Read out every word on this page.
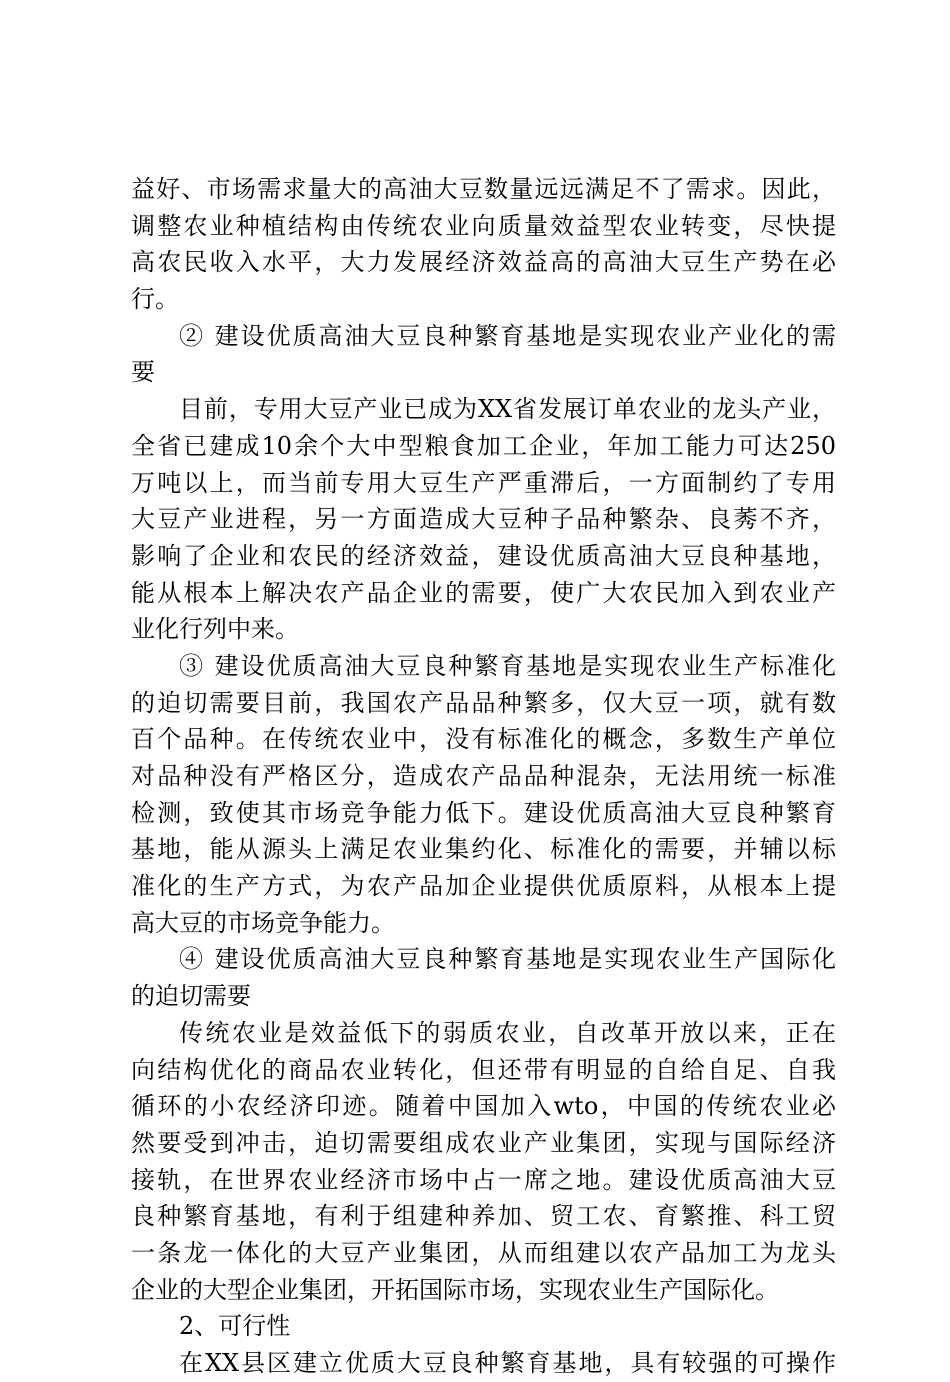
益好、市场需求量大的高油大豆数量远远满足不了需求。因此，
调整农业种植结构由传统农业向质量效益型农业转变，尽快提
高农民收入水平，大力发展经济效益高的高油大豆生产势在必
行。
② 建设优质高油大豆良种繁育基地是实现农业产业化的需
要
目前，专用大豆产业已成为XX省发展订单农业的龙头产业，
全省已建成10余个大中型粮食加工企业，年加工能力可达250
万吨以上，而当前专用大豆生产严重滞后，一方面制约了专用
大豆产业进程，另一方面造成大豆种子品种繁杂、良莠不齐，
影响了企业和农民的经济效益，建设优质高油大豆良种基地，
能从根本上解决农产品企业的需要，使广大农民加入到农业产
业化行列中来。
③ 建设优质高油大豆良种繁育基地是实现农业生产标准化
的迫切需要目前，我国农产品品种繁多，仅大豆一项，就有数
百个品种。在传统农业中，没有标准化的概念，多数生产单位
对品种没有严格区分，造成农产品品种混杂，无法用统一标准
检测，致使其市场竞争能力低下。建设优质高油大豆良种繁育
基地，能从源头上满足农业集约化、标准化的需要，并辅以标
准化的生产方式，为农产品加企业提供优质原料，从根本上提
高大豆的市场竞争能力。
④ 建设优质高油大豆良种繁育基地是实现农业生产国际化
的迫切需要
传统农业是效益低下的弱质农业，自改革开放以来，正在
向结构优化的商品农业转化，但还带有明显的自给自足、自我
循环的小农经济印迹。随着中国加入wto，中国的传统农业必
然要受到冲击，迫切需要组成农业产业集团，实现与国际经济
接轨，在世界农业经济市场中占一席之地。建设优质高油大豆
良种繁育基地，有利于组建种养加、贸工农、育繁推、科工贸
一条龙一体化的大豆产业集团，从而组建以农产品加工为龙头
企业的大型企业集团，开拓国际市场，实现农业生产国际化。
2、可行性
在XX县区建立优质大豆良种繁育基地，具有较强的可操作
